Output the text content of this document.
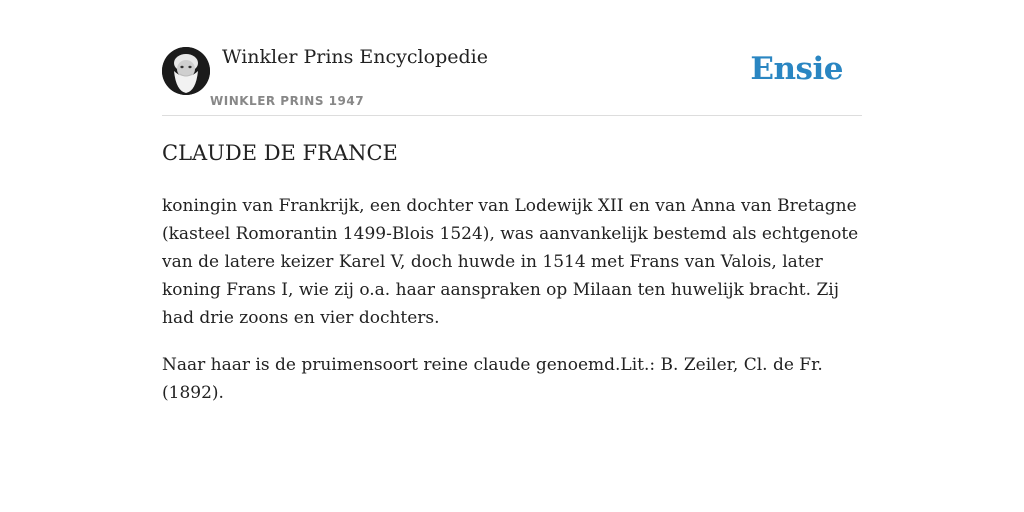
Winkler Prins Encyclopedie
WINKLER PRINS 1947
Ensie
CLAUDE DE FRANCE

koningin van Frankrijk, een dochter van Lodewijk XII en van Anna van Bretagne (kasteel Romorantin 1499-Blois 1524), was aanvankelijk bestemd als echtgenote van de latere keizer Karel V, doch huwde in 1514 met Frans van Valois, later koning Frans I, wie zij o.a. haar aanspraken op Milaan ten huwelijk bracht. Zij had drie zoons en vier dochters.

Naar haar is de pruimensoort reine claude genoemd.Lit.: B. Zeiler, Cl. de Fr. (1892).
